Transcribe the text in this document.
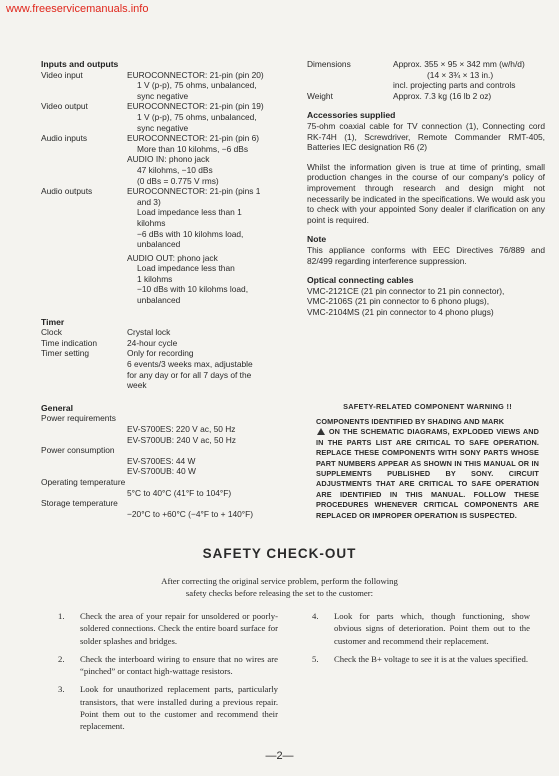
www.freeservicemanuals.info
Inputs and outputs
Video input	EUROCONNECTOR: 21-pin (pin 20)
1 V (p-p), 75 ohms, unbalanced,
sync negative
Video output	EUROCONNECTOR: 21-pin (pin 19)
1 V (p-p), 75 ohms, unbalanced,
sync negative
Audio inputs	EUROCONNECTOR: 21-pin (pin 6)
More than 10 kilohms, −6 dBs
AUDIO IN: phono jack
47 kilohms, −10 dBs
(0 dBs = 0.775 V rms)
Audio outputs	EUROCONNECTOR: 21-pin (pins 1
and 3)
Load impedance less than 1
kilohms
−6 dBs with 10 kilohms load,
unbalanced
AUDIO OUT: phono jack
Load impedance less than
1 kilohms
−10 dBs with 10 kilohms load,
unbalanced
Timer
Clock	Crystal lock
Time indication	24-hour cycle
Timer setting	Only for recording
6 events/3 weeks max, adjustable
for any day or for all 7 days of the
week
General
Power requirements
EV-S700ES: 220 V ac, 50 Hz
EV-S700UB: 240 V ac, 50 Hz
Power consumption
EV-S700ES: 44 W
EV-S700UB: 40 W
Operating temperature
5°C to 40°C (41°F to 104°F)
Storage temperature
−20°C to +60°C (−4°F to + 140°F)
Dimensions	Approx. 355 × 95 × 342 mm (w/h/d)
(14 × 3¾ × 13 in.)
incl. projecting parts and controls
Weight	Approx. 7.3 kg (16 lb 2 oz)
Accessories supplied

75-ohm coaxial cable for TV connection (1), Connecting cord RK-74H (1), Screwdriver, Remote Commander RMT-405, Batteries IEC designation R6 (2)

Whilst the information given is true at time of printing, small production changes in the course of our company's policy of improvement through research and design might not necessarily be indicated in the specifications. We would ask you to check with your appointed Sony dealer if clarification on any point is required.

Note

This appliance conforms with EEC Directives 76/889 and 82/499 regarding interference suppression.

Optical connecting cables
VMC-2121CE (21 pin connector to 21 pin connector),
VMC-2106S (21 pin connector to 6 phono plugs),
VMC-2104MS (21 pin connector to 4 phono plugs)
SAFETY-RELATED COMPONENT WARNING !!
COMPONENTS IDENTIFIED BY SHADING AND MARK
ON THE SCHEMATIC DIAGRAMS, EXPLODED VIEWS AND IN THE PARTS LIST ARE CRITICAL TO SAFE OPERATION. REPLACE THESE COMPONENTS WITH SONY PARTS WHOSE PART NUMBERS APPEAR AS SHOWN IN THIS MANUAL OR IN SUPPLEMENTS PUBLISHED BY SONY. CIRCUIT ADJUSTMENTS THAT ARE CRITICAL TO SAFE OPERATION ARE IDENTIFIED IN THIS MANUAL. FOLLOW THESE PROCEDURES WHENEVER CRITICAL COMPONENTS ARE REPLACED OR IMPROPER OPERATION IS SUSPECTED.
SAFETY CHECK-OUT
After correcting the original service problem, perform the following
safety checks before releasing the set to the customer:
1.	Check the area of your repair for unsoldered or poorly-soldered connections. Check the entire board surface for solder splashes and bridges.
2.	Check the interboard wiring to ensure that no wires are “pinched” or contact high-wattage resistors.
3.	Look for unauthorized replacement parts, particularly transistors, that were installed during a previous repair. Point them out to the customer and recommend their replacement.
4.	Look for parts which, though functioning, show obvious signs of deterioration. Point them out to the customer and recommend their replacement.
5.	Check the B+ voltage to see it is at the values specified.
—2—
